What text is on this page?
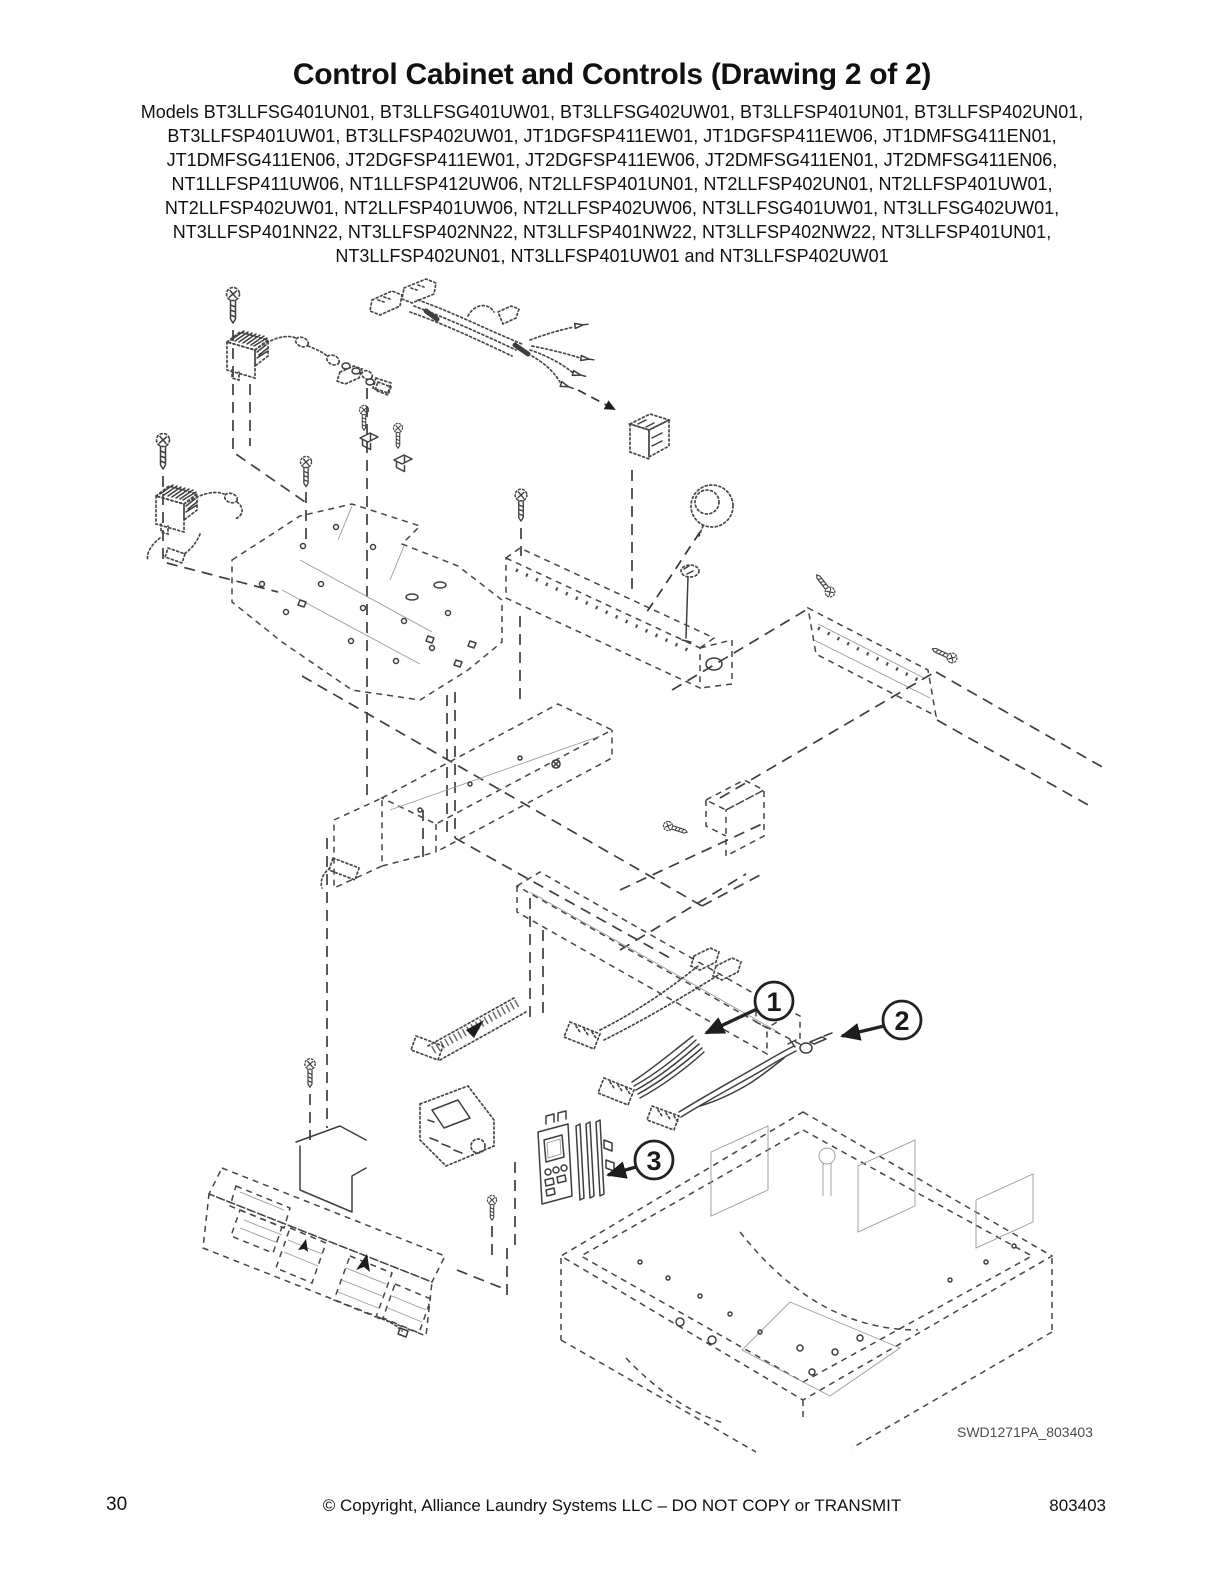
Control Cabinet and Controls (Drawing 2 of 2)
Models BT3LLFSG401UN01, BT3LLFSG401UW01, BT3LLFSG402UW01, BT3LLFSP401UN01, BT3LLFSP402UN01,
BT3LLFSP401UW01, BT3LLFSP402UW01, JT1DGFSP411EW01, JT1DGFSP411EW06, JT1DMFSG411EN01,
JT1DMFSG411EN06, JT2DGFSP411EW01, JT2DGFSP411EW06, JT2DMFSG411EN01, JT2DMFSG411EN06,
NT1LLFSP411UW06, NT1LLFSP412UW06, NT2LLFSP401UN01, NT2LLFSP402UN01, NT2LLFSP401UW01,
NT2LLFSP402UW01, NT2LLFSP401UW06, NT2LLFSP402UW06, NT3LLFSG401UW01, NT3LLFSG402UW01,
NT3LLFSP401NN22, NT3LLFSP402NN22, NT3LLFSP401NW22, NT3LLFSP402NW22, NT3LLFSP401UN01,
NT3LLFSP402UN01, NT3LLFSP401UW01 and NT3LLFSP402UW01
1
2
3
SWD1271PA_803403
30	© Copyright, Alliance Laundry Systems LLC – DO NOT COPY or TRANSMIT	803403
